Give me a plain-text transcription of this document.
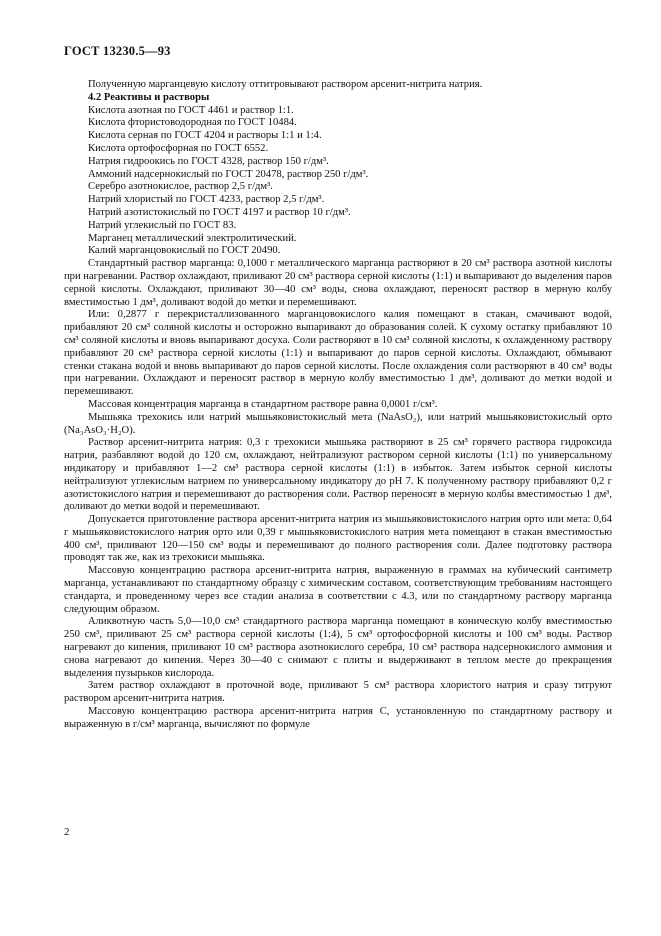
ГОСТ 13230.5—93

Полученную марганцевую кислоту оттитровывают раствором арсенит-нитрита натрия.

4.2 Реактивы и растворы

Кислота азотная по ГОСТ 4461 и раствор 1:1.

Кислота фтористоводородная по ГОСТ 10484.

Кислота серная по ГОСТ 4204 и растворы 1:1 и 1:4.

Кислота ортофосфорная по ГОСТ 6552.

Натрия гидроокись по ГОСТ 4328, раствор 150 г/дм³.

Аммоний надсернокислый по ГОСТ 20478, раствор 250 г/дм³.

Серебро азотнокислое, раствор 2,5 г/дм³.

Натрий хлористый по ГОСТ 4233, раствор 2,5 г/дм³.

Натрий азотистокислый по ГОСТ 4197 и раствор 10 г/дм³.

Натрий углекислый по ГОСТ 83.

Марганец металлический электролитический.

Калий марганцовокислый по ГОСТ 20490.

Стандартный раствор марганца: 0,1000 г металлического марганца растворяют в 20 см³ раствора азотной кислоты при нагревании. Раствор охлаждают, приливают 20 см³ раствора серной кислоты (1:1) и выпаривают до выделения паров серной кислоты. Охлаждают, приливают 30—40 см³ воды, снова охлаждают, переносят раствор в мерную колбу вместимостью 1 дм³, доливают водой до метки и перемешивают.

Или: 0,2877 г перекристаллизованного марганцовокислого калия помещают в стакан, смачивают водой, прибавляют 20 см³ соляной кислоты и осторожно выпаривают до образования солей. К сухому остатку прибавляют 10 см³ соляной кислоты и вновь выпаривают досуха. Соли растворяют в 10 см³ соляной кислоты, к охлажденному раствору прибавляют 20 см³ раствора серной кислоты (1:1) и выпаривают до паров серной кислоты. Охлаждают, обмывают стенки стакана водой и вновь выпаривают до паров серной кислоты. После охлаждения соли растворяют в 40 см³ воды при нагревании. Охлаждают и переносят раствор в мерную колбу вместимостью 1 дм³, доливают до метки водой и перемешивают.

Массовая концентрация марганца в стандартном растворе равна 0,0001 г/см³.

Мышьяка трехокись или натрий мышьяковистокислый мета (NaAsO₂), или натрий мышьяковистокислый орто (Na₃AsO₃·H₂O).

Раствор арсенит-нитрита натрия: 0,3 г трехокиси мышьяка растворяют в 25 см³ горячего раствора гидроксида натрия, разбавляют водой до 120 см, охлаждают, нейтрализуют раствором серной кислоты (1:1) по универсальному индикатору и прибавляют 1—2 см³ раствора серной кислоты (1:1) в избыток. Затем избыток серной кислоты нейтрализуют углекислым натрием по универсальному индикатору до рН 7. К полученному раствору прибавляют 0,2 г азотистокислого натрия и перемешивают до растворения соли. Раствор переносят в мерную колбы вместимостью 1 дм³, доливают до метки водой и перемешивают.

Допускается приготовление раствора арсенит-нитрита натрия из мышьяковистокислого натрия орто или мета: 0,64 г мышьяковистокислого натрия орто или 0,39 г мышьяковистокислого натрия мета помещают в стакан вместимостью 400 см³, приливают 120—150 см³ воды и перемешивают до полного растворения соли. Далее подготовку раствора проводят так же, как из трехокиси мышьяка.

Массовую концентрацию раствора арсенит-нитрита натрия, выраженную в граммах на кубический сантиметр марганца, устанавливают по стандартному образцу с химическим составом, соответствующим требованиям настоящего стандарта, и проведенному через все стадии анализа в соответствии с 4.3, или по стандартному раствору марганца следующим образом.

Аликвотную часть 5,0—10,0 см³ стандартного раствора марганца помещают в коническую колбу вместимостью 250 см³, приливают 25 см³ раствора серной кислоты (1:4), 5 см³ ортофосфорной кислоты и 100 см³ воды. Раствор нагревают до кипения, приливают 10 см³ раствора азотнокислого серебра, 10 см³ раствора надсернокислого аммония и снова нагревают до кипения. Через 30—40 с снимают с плиты и выдерживают в теплом месте до прекращения выделения пузырьков кислорода.

Затем раствор охлаждают в проточной воде, приливают 5 см³ раствора хлористого натрия и сразу титруют раствором арсенит-нитрита натрия.

Массовую концентрацию раствора арсенит-нитрита натрия C, установленную по стандартному раствору и выраженную в г/см³ марганца, вычисляют по формуле

2
